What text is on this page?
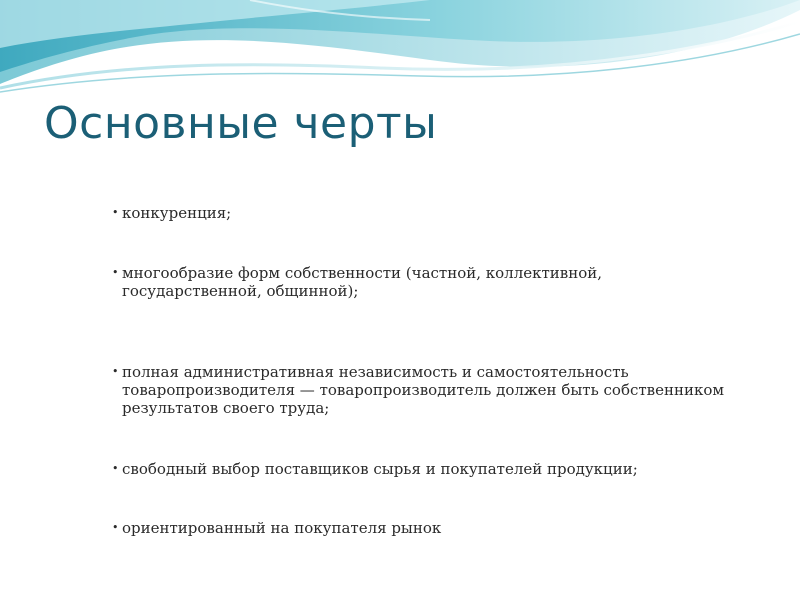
Основные черты
• конкуренция;
• многообразие форм собственности (частной, коллективной, государственной, общинной);
• полная административная независимость и самостоятельность товаропроизводителя — товаропроизводитель должен быть собственником результатов своего труда;
• свободный выбор поставщиков сырья и покупателей продукции;
• ориентированный на покупателя рынок
